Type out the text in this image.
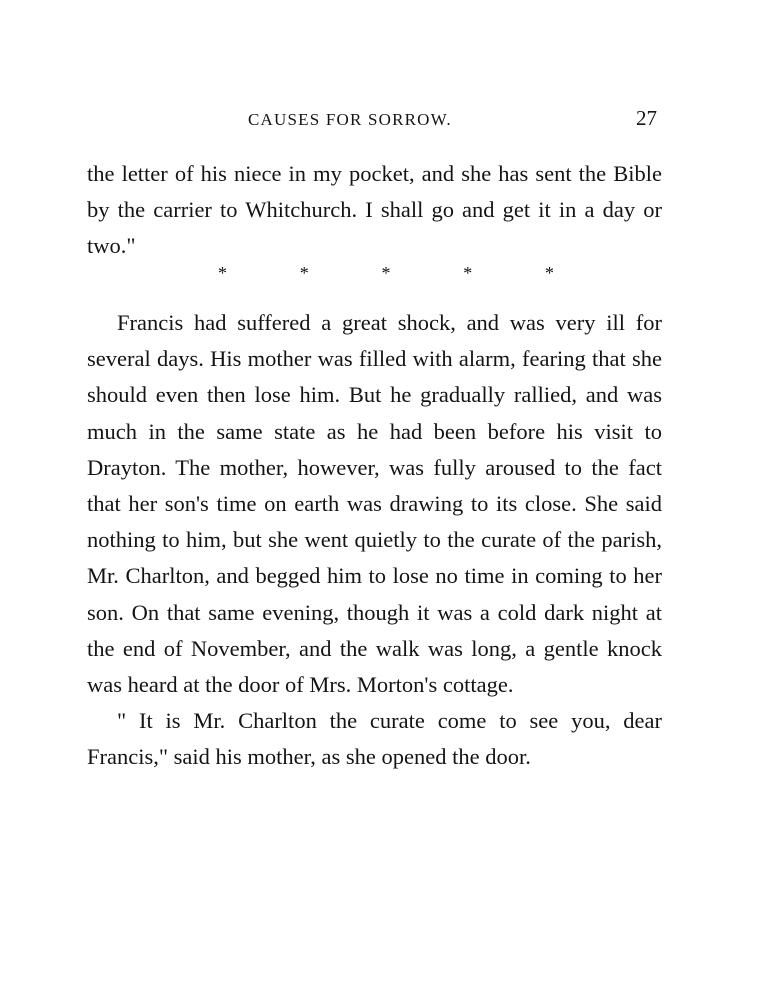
CAUSES FOR SORROW.	27

the letter of his niece in my pocket, and she has sent the Bible by the carrier to Whitchurch. I shall go and get it in a day or two."

*	*	*	*	*

Francis had suffered a great shock, and was very ill for several days. His mother was filled with alarm, fearing that she should even then lose him. But he gradually rallied, and was much in the same state as he had been before his visit to Drayton. The mother, however, was fully aroused to the fact that her son's time on earth was drawing to its close. She said nothing to him, but she went quietly to the curate of the parish, Mr. Charlton, and begged him to lose no time in coming to her son. On that same evening, though it was a cold dark night at the end of November, and the walk was long, a gentle knock was heard at the door of Mrs. Morton's cottage.

" It is Mr. Charlton the curate come to see you, dear Francis," said his mother, as she opened the door.
